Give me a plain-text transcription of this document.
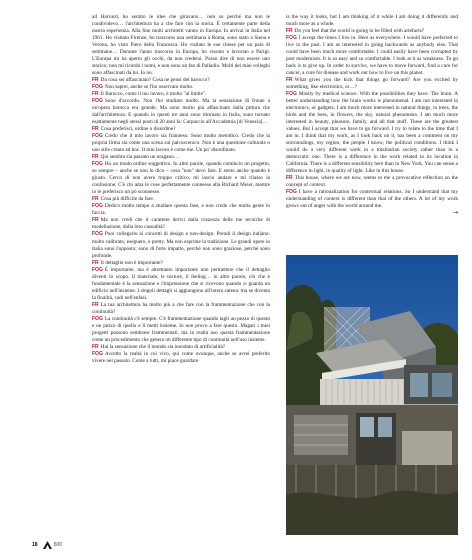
ad Harvard, ho sentito le idee che giravano… non so perché ma non le condividevo… l'architettura ha a che fare con la storia. È certamente parte della nostra esperienza. Alla fine molti architetti vanno in Europa. Io arrivai in Italia nel 1961. Ho visitato Firenze, ho trascorso una settimana a Roma, sono stato a Siena e Verona, ho visto Piero della Francesca. Ho visitato le sue chiese per un paio di settimane… Durante l'anno trascorso in Europa, ho vissuto e lavorato a Parigi. L'Europa mi ha aperto gli occhi, da non credersi. Posso dire di non essere uno storico; non mi ricordo i nomi, e non sono un fan di Palladio. Molti dei miei colleghi sono affascinati da lui. Io no.

FR Da cosa sei affascinato? Cosa ne pensi del barocco?

FOG Non saprei, anche se l'ho osservato molto.

FR Il Barocco, come il tuo lavoro, è molto "al limite".

FOG Sono d'accordo. Non l'ho studiato molto. Ma la sensazione di fronte a un'opera barocca era grande. Ma sono molto più affascinato dalla pittura che dall'architettura. E quando in questi tre anni sono ritornato in Italia, sono tornato esattamente negli stessi posti di 20 anni fa: Carpaccio all'Accademia [di Venezia]…

FR Cosa preferisci, ordine o disordine?

FOG Credo che il mio lavoro sia frainteso. Sono molto metodico. Credo che la propria firma sia come una scena sul palcoscenico. Non è una questione culturale o uno stile creato ad hoc. Il mio lavoro è come me. Un po' disordinato.

FR Qui sembra sia passato un uragano…

FOG Ho un modo ordine soggettivo. In altre parole, quando comincio un progetto, so sempre – anche se non lo dico – cosa "non" devo fare. E sento anche quando è giusto. Cerco di non avere troppo critico, mi lascio andare e mi rilasso la confusione: C'è chi ama le cose perfettamente connesse alla Richard Meier, mentre io le preferisco un pò sconnesse.

FR Cosa più difficile da fare.

FOG Dedico molto tempo a studiare questa fase, e non credo che molta gente lo faccia.

FR Ma non credi che il carattere derivi dalla rozzezza delle tue tecniche di modellazione, dalla loro casualità?

FOG Puoi collegarlo ai concetti di design e non-design. Prendi il design italiano: molto calibrato, eseguero, e pretty. Ma non esprime la tradizione. Le grandi opere in Italia sono l'opposto; sono di forte impatto, perché non sono graziose, perché sono profonde.

FR Il dettaglio non è importante?

FOG È importante, ma è altrettanto importante non permettere che il dettaglio diventi lo scopo. Il materiale, le texture, il feeling… in altre parole, ciò che è fondamentale è la sensazione e l'impressione che si ricevono quando si guarda un edificio nell'insieme. I singoli dettagli si aggiungono all'intera catena: ma se diventa la finalità, cadi nell'enfasi.

FR La tua architettura ha molto più a che fare con la frammentazione che con la continuità?

FOG La continuità c'è sempre. C'è frammentazione quando tagli un pezzo di questo e un pezzo di quello e li metti insieme. Io non provo a fare questo. Magari i miei progetti possono sembrare frammentati, ma in realtà uso questa frammentazione come un procedimento che genera un differente tipo di continuità nell'uso insieme.

FR Hai la sensazione che il mondo sia inondato di artificialità?

FOG Accetto la realtà in cui vivo, qui come ovunque, anche se avrei preferito vivere nel passato. Come a tutti, mi piace guardare

is the way it looks, but I am thinking of it while I am doing it differently and much more as a whole.

FR Do you feel that the world is going to be filled with artefacts?

FOG I accept the times I live in. Here as everywhere. I would have preferred to live in the past. I am as interested in going backwards as anybody else. That could have been much more comfortable. I could easily have been corrupted by post modernism. It is so easy and so comfortable. I look at it as weakness. To go back is to give up. In order to survive, we have to move forward, find a cure for cancer, a cure for disease and work out how to live on this planet.

FR What gives you the kick that things go forward? Are you excited by something, like electronics, or…?

FOG Mostly by medical science. With the possibilities they have. The brain. A better understanding how the brain works is phenomenal. I am not interested in electronics, or gadgets. I am much more interested in natural things, in trees, the birds and the bees, in flowers, the sky, natural phenomena. I am much more interested in beauty, pleasure, family, and all that stuff. These are the greatest values. But I accept that we have to go forward. I try to relate to the time that I am in. I think that my work, as I look back on it, has been a comment on my surroundings, my region, the people I know, the political conditions. I think I would do a very different work in a totalitarian society rather than in a democratic one. There is a difference in the work related to its location in California. There is a different sensibility here than in New York. You can sense a difference in light, in quality of light. Like in this house.

FR This house, where we are now, seems to me a provocative reflection on the concept of context.

FOG I have a rationalization for contextual relations. So I understand that my understanding of context is different than that of the others. A lot of my work grows out of anger with the world around me.

→
18	500
